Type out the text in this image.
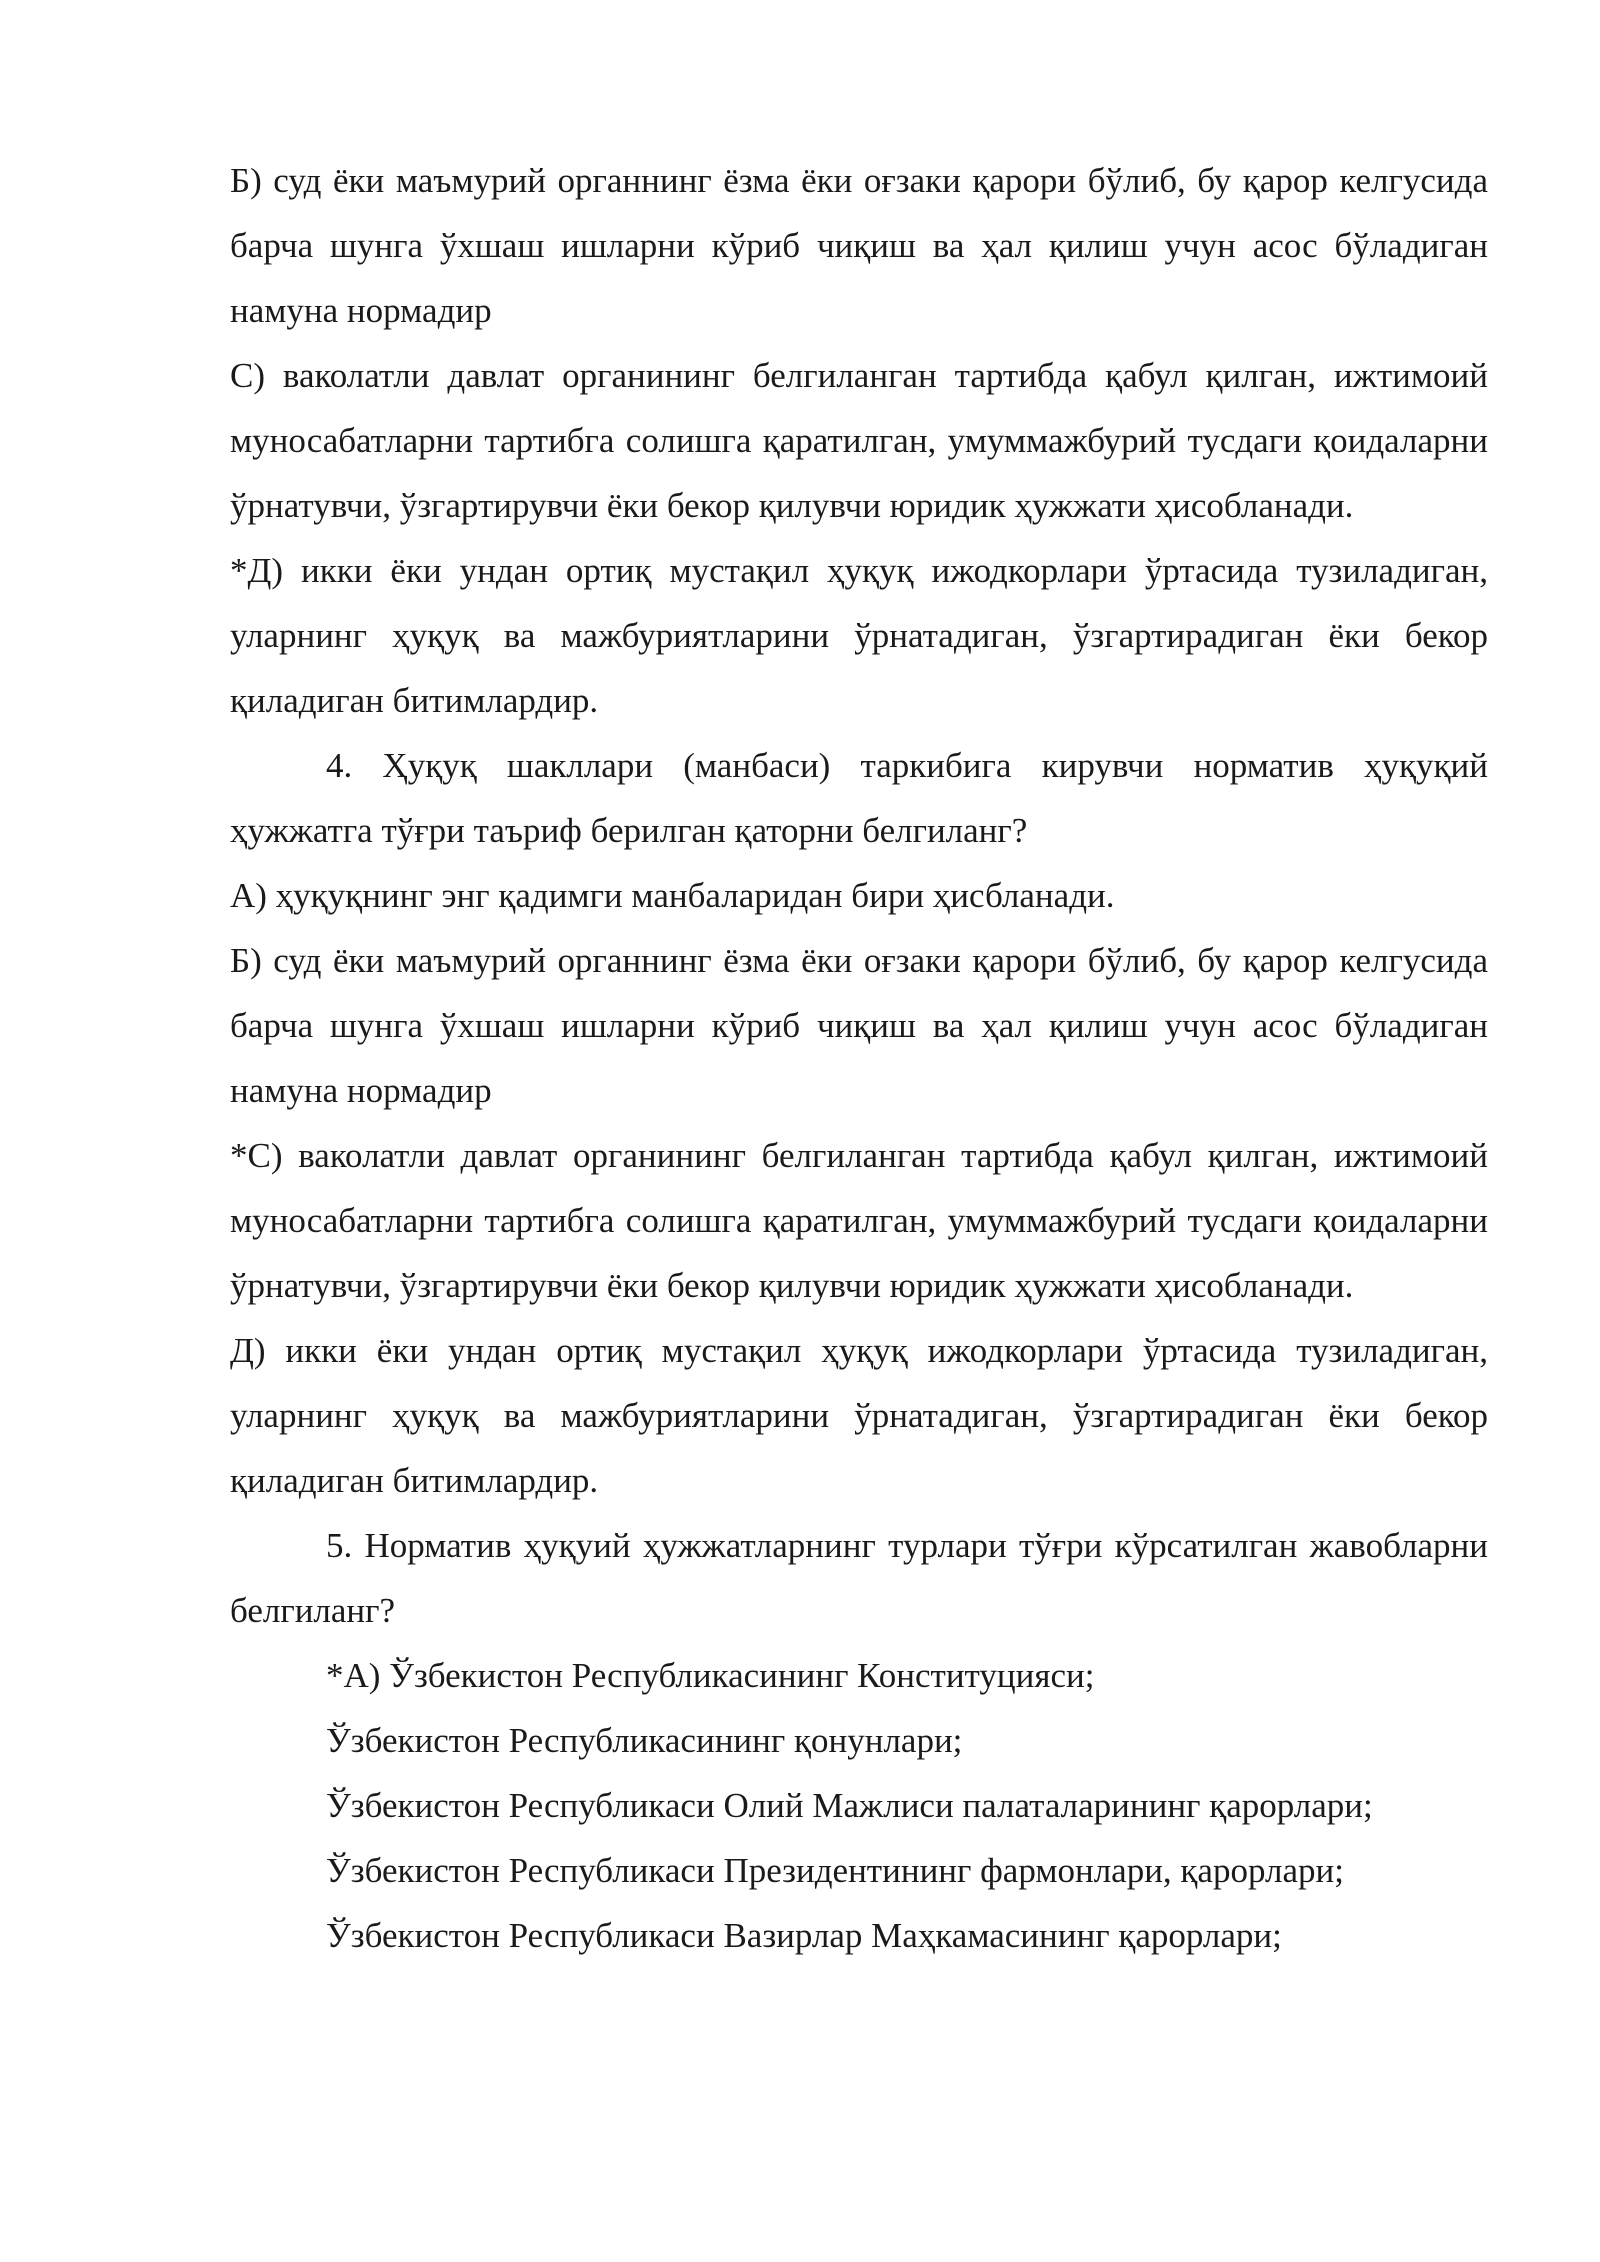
Б) суд ёки маъмурий органнинг ёзма ёки оғзаки қарори бўлиб, бу қарор келгусида барча шунга ўхшаш ишларни кўриб чиқиш ва ҳал қилиш учун асос бўладиган намуна нормадир

С) ваколатли давлат органининг белгиланган тартибда қабул қилган, ижтимоий муносабатларни тартибга солишга қаратилган, умуммажбурий тусдаги қоидаларни ўрнатувчи, ўзгартирувчи ёки бекор қилувчи юридик ҳужжати ҳисобланади.

*Д) икки ёки ундан ортиқ мустақил ҳуқуқ ижодкорлари ўртасида тузиладиган, уларнинг ҳуқуқ ва мажбуриятларини ўрнатадиган, ўзгартирадиган ёки бекор қиладиган битимлардир.

4. Ҳуқуқ шакллари (манбаси) таркибига кирувчи норматив ҳуқуқий ҳужжатга тўғри таъриф берилган қаторни белгиланг?

А) ҳуқуқнинг энг қадимги манбаларидан бири ҳисбланади.

Б) суд ёки маъмурий органнинг ёзма ёки оғзаки қарори бўлиб, бу қарор келгусида барча шунга ўхшаш ишларни кўриб чиқиш ва ҳал қилиш учун асос бўладиган намуна нормадир

*С) ваколатли давлат органининг белгиланган тартибда қабул қилган, ижтимоий муносабатларни тартибга солишга қаратилган, умуммажбурий тусдаги қоидаларни ўрнатувчи, ўзгартирувчи ёки бекор қилувчи юридик ҳужжати ҳисобланади.

Д) икки ёки ундан ортиқ мустақил ҳуқуқ ижодкорлари ўртасида тузиладиган, уларнинг ҳуқуқ ва мажбуриятларини ўрнатадиган, ўзгартирадиган ёки бекор қиладиган битимлардир.

5. Норматив ҳуқуий ҳужжатларнинг турлари тўғри кўрсатилган жавобларни белгиланг?

*А) Ўзбекистон Республикасининг Конституцияси;

Ўзбекистон Республикасининг қонунлари;

Ўзбекистон Республикаси Олий Мажлиси палаталарининг қарорлари;

Ўзбекистон Республикаси Президентининг фармонлари, қарорлари;

Ўзбекистон Республикаси Вазирлар Маҳкамасининг қарорлари;
